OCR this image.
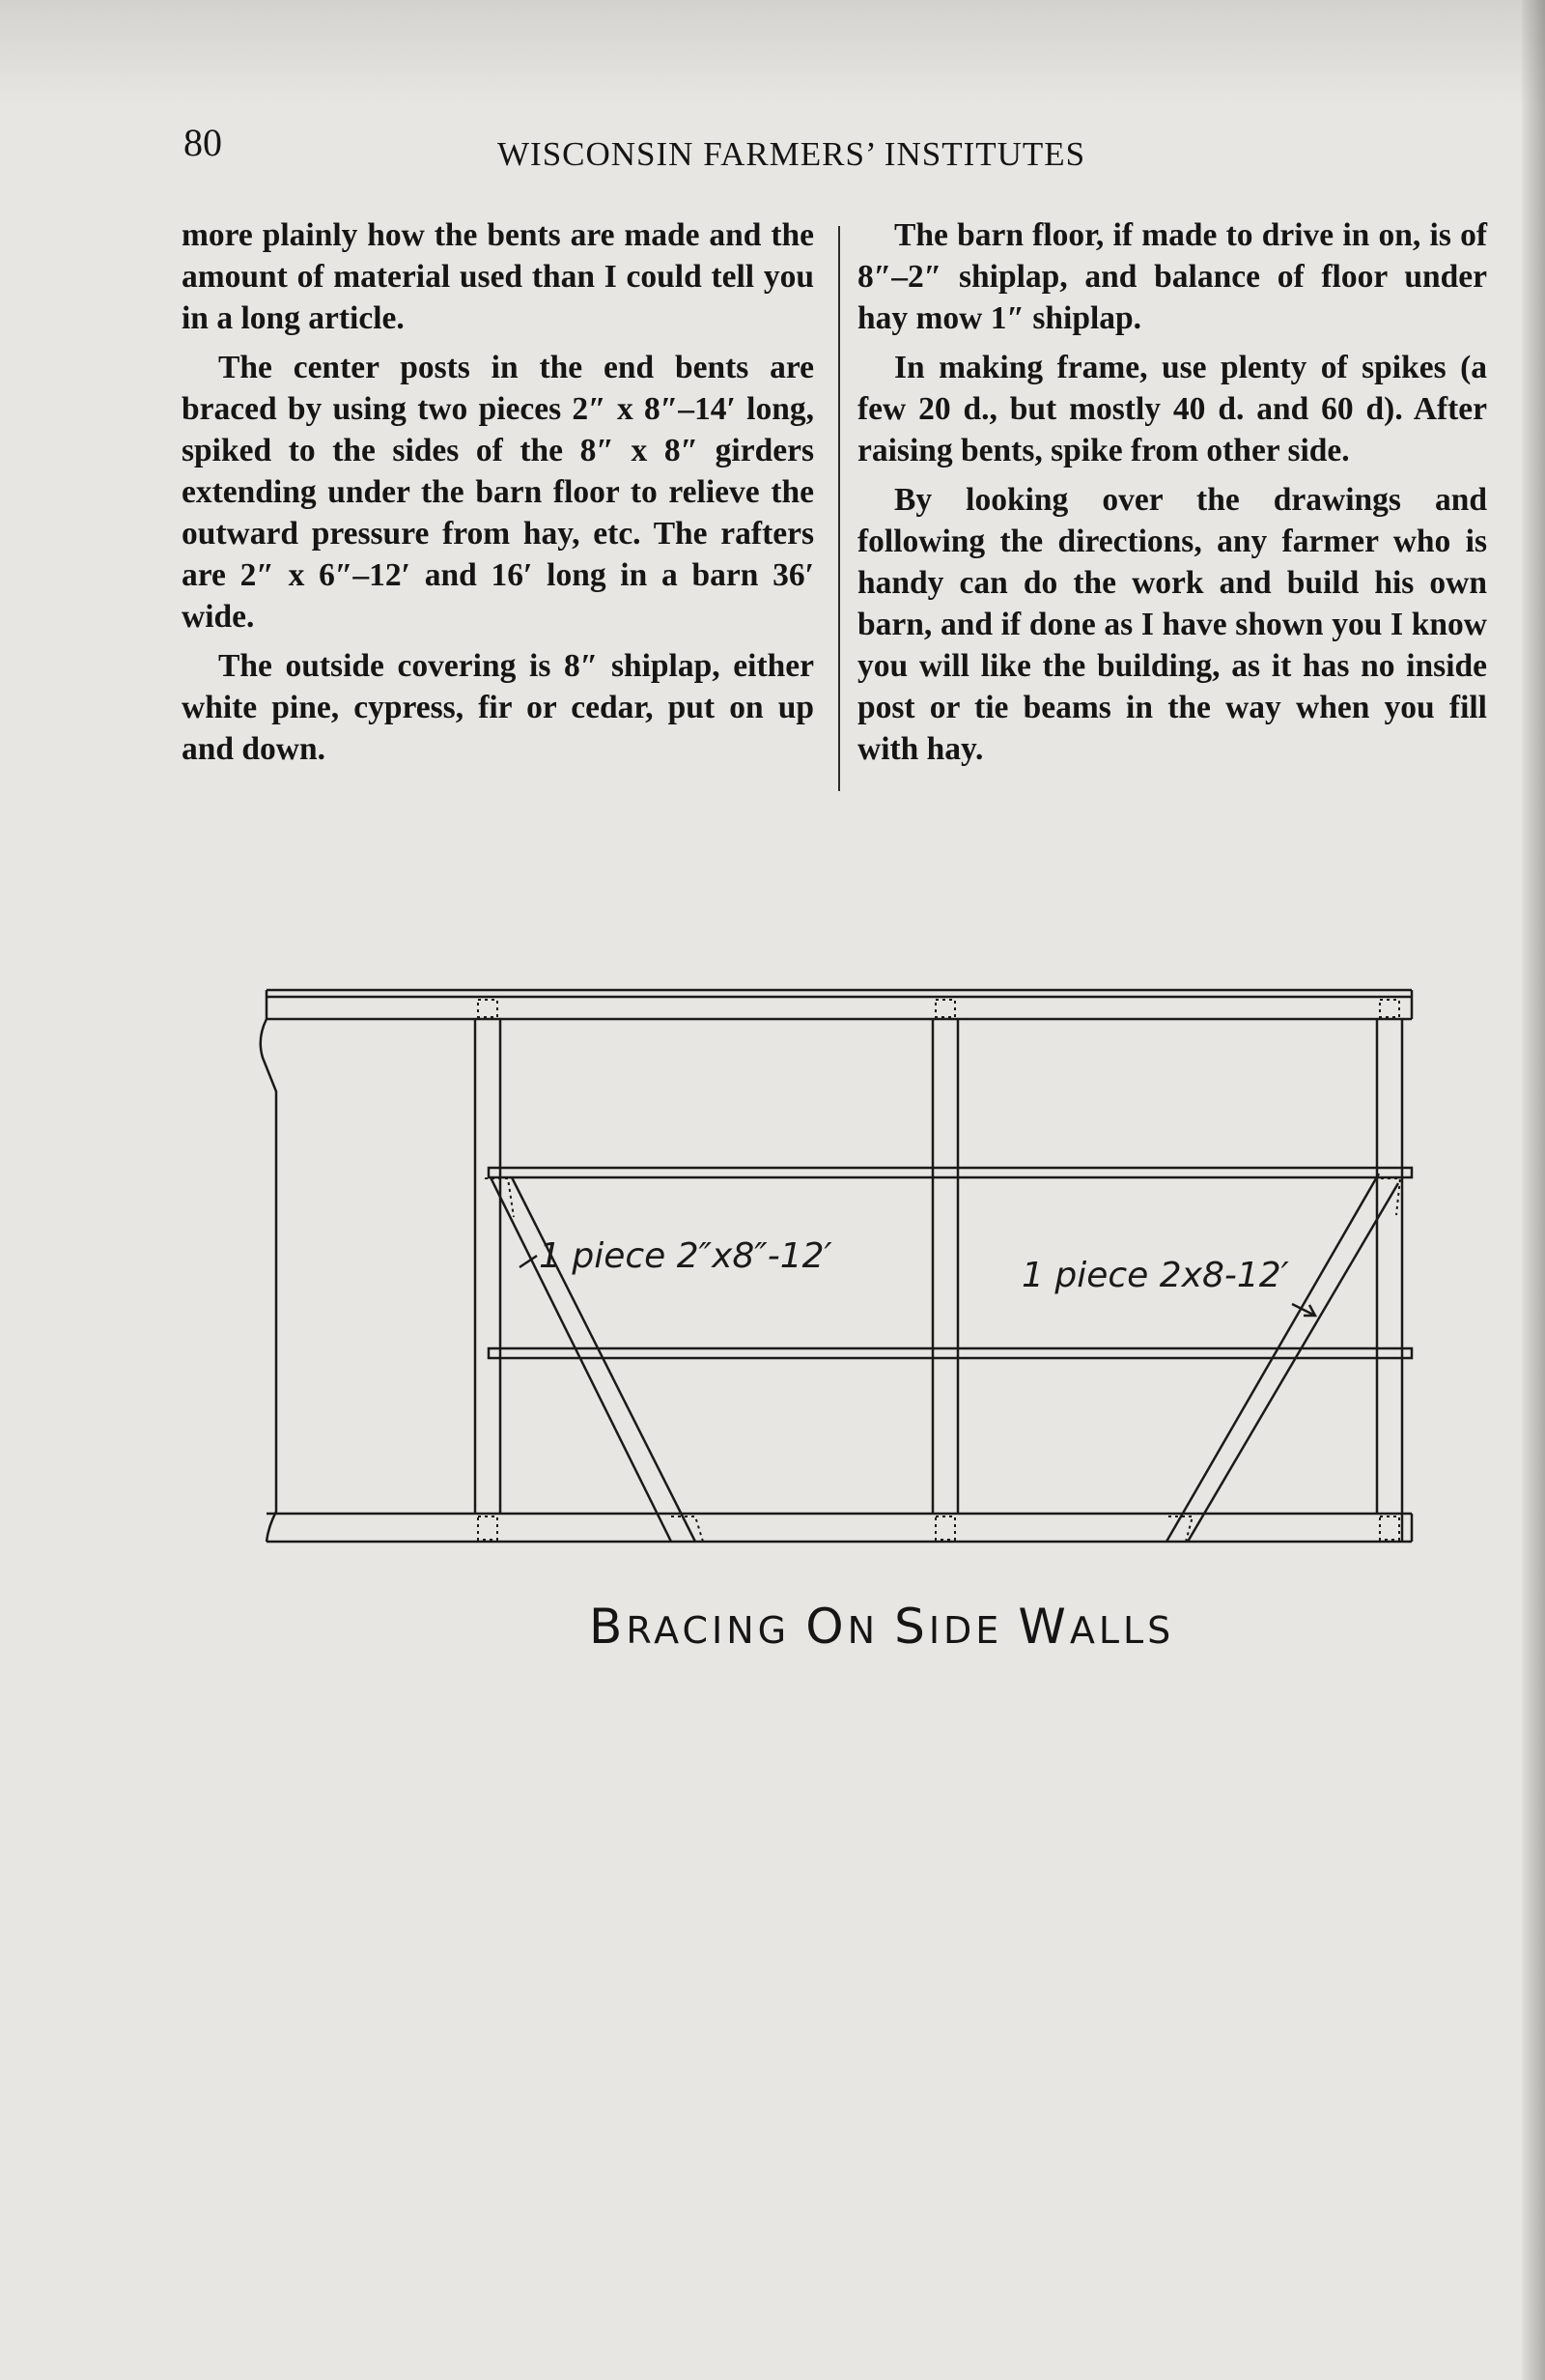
80	WISCONSIN FARMERS’ INSTITUTES

more plainly how the bents are made and the amount of material used than I could tell you in a long article.

The center posts in the end bents are braced by using two pieces 2″ x 8″–14′ long, spiked to the sides of the 8″ x 8″ girders extending under the barn floor to relieve the outward pressure from hay, etc. The rafters are 2″ x 6″–12′ and 16′ long in a barn 36′ wide.

The outside covering is 8″ shiplap, either white pine, cypress, fir or cedar, put on up and down.

The barn floor, if made to drive in on, is of 8″–2″ shiplap, and balance of floor under hay mow 1″ shiplap.

In making frame, use plenty of spikes (a few 20 d., but mostly 40 d. and 60 d). After raising bents, spike from other side.

By looking over the drawings and following the directions, any farmer who is handy can do the work and build his own barn, and if done as I have shown you I know you will like the building, as it has no inside post or tie beams in the way when you fill with hay.

1 piece 2″x8″-12′	1 piece 2x8-12′
BRACING ON SIDE WALLS
